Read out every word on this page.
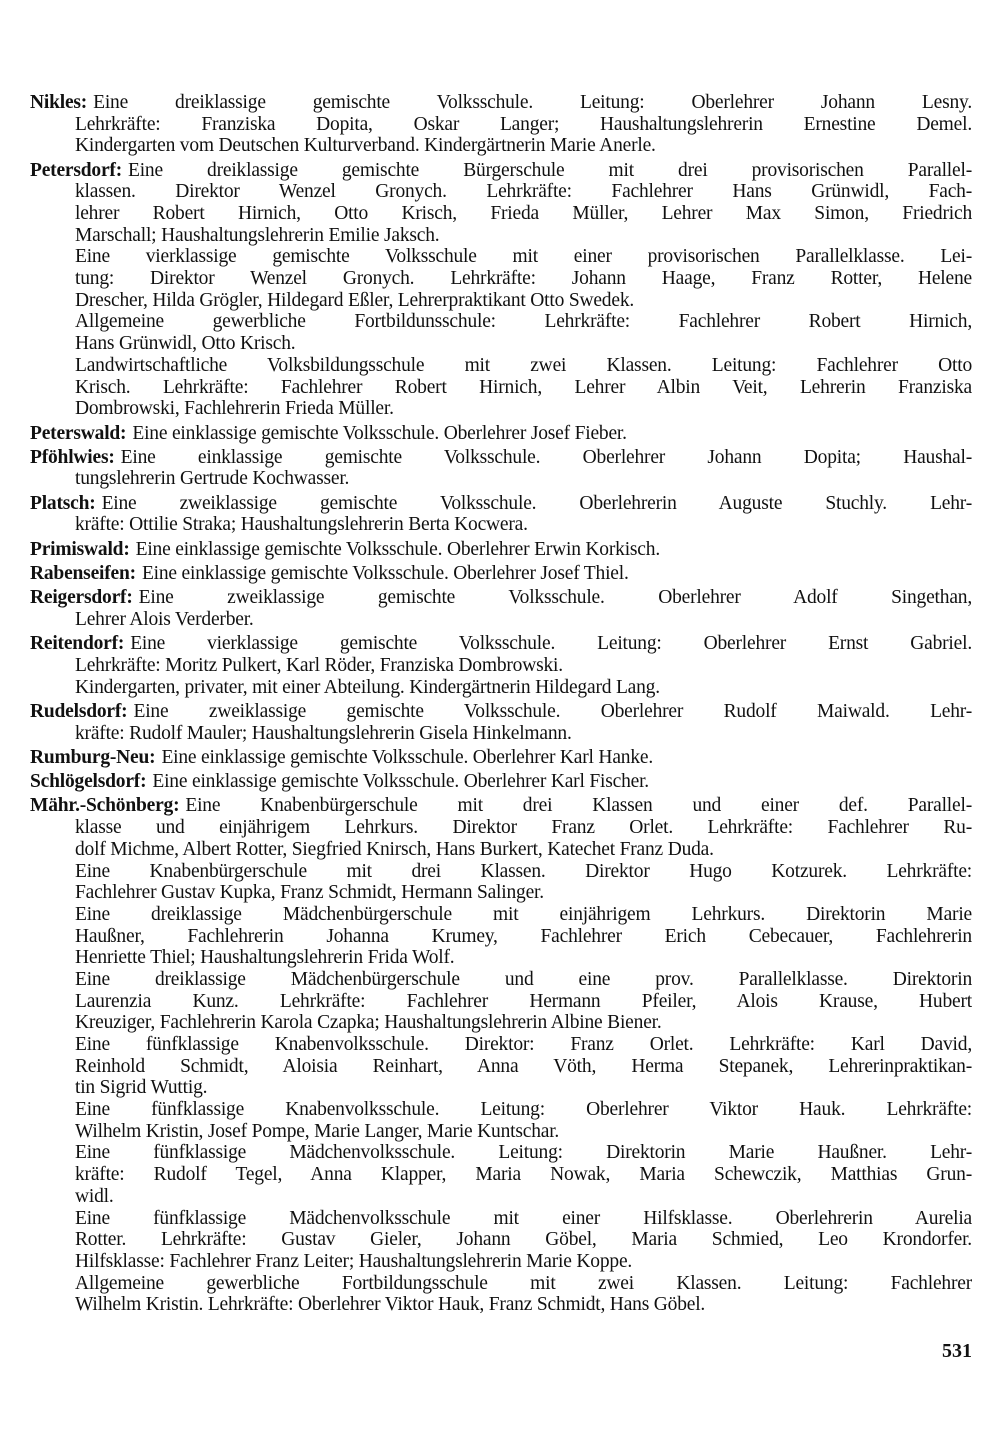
Nikles: Eine dreiklassige gemischte Volksschule. Leitung: Oberlehrer Johann Lesny.
Lehrkräfte: Franziska Dopita, Oskar Langer; Haushaltungslehrerin Ernestine Demel.
Kindergarten vom Deutschen Kulturverband. Kindergärtnerin Marie Anerle.
Petersdorf: Eine dreiklassige gemischte Bürgerschule mit drei provisorischen Parallel-
klassen. Direktor Wenzel Gronych. Lehrkräfte: Fachlehrer Hans Grünwidl, Fach-
lehrer Robert Hirnich, Otto Krisch, Frieda Müller, Lehrer Max Simon, Friedrich
Marschall; Haushaltungslehrerin Emilie Jaksch.
Eine vierklassige gemischte Volksschule mit einer provisorischen Parallelklasse. Lei-
tung: Direktor Wenzel Gronych. Lehrkräfte: Johann Haage, Franz Rotter, Helene
Drescher, Hilda Grögler, Hildegard Eßler, Lehrerpraktikant Otto Swedek.
Allgemeine gewerbliche Fortbildunsschule: Lehrkräfte: Fachlehrer Robert Hirnich,
Hans Grünwidl, Otto Krisch.
Landwirtschaftliche Volksbildungsschule mit zwei Klassen. Leitung: Fachlehrer Otto
Krisch. Lehrkräfte: Fachlehrer Robert Hirnich, Lehrer Albin Veit, Lehrerin Franziska
Dombrowski, Fachlehrerin Frieda Müller.
Peterswald: Eine einklassige gemischte Volksschule. Oberlehrer Josef Fieber.
Pföhlwies: Eine einklassige gemischte Volksschule. Oberlehrer Johann Dopita; Haushal-
tungslehrerin Gertrude Kochwasser.
Platsch: Eine zweiklassige gemischte Volksschule. Oberlehrerin Auguste Stuchly. Lehr-
kräfte: Ottilie Straka; Haushaltungslehrerin Berta Kocwera.
Primiswald: Eine einklassige gemischte Volksschule. Oberlehrer Erwin Korkisch.
Rabenseifen: Eine einklassige gemischte Volksschule. Oberlehrer Josef Thiel.
Reigersdorf: Eine zweiklassige gemischte Volksschule. Oberlehrer Adolf Singethan,
Lehrer Alois Verderber.
Reitendorf: Eine vierklassige gemischte Volksschule. Leitung: Oberlehrer Ernst Gabriel.
Lehrkräfte: Moritz Pulkert, Karl Röder, Franziska Dombrowski.
Kindergarten, privater, mit einer Abteilung. Kindergärtnerin Hildegard Lang.
Rudelsdorf: Eine zweiklassige gemischte Volksschule. Oberlehrer Rudolf Maiwald. Lehr-
kräfte: Rudolf Mauler; Haushaltungslehrerin Gisela Hinkelmann.
Rumburg-Neu: Eine einklassige gemischte Volksschule. Oberlehrer Karl Hanke.
Schlögelsdorf: Eine einklassige gemischte Volksschule. Oberlehrer Karl Fischer.
Mähr.-Schönberg: Eine Knabenbürgerschule mit drei Klassen und einer def. Parallel-
klasse und einjährigem Lehrkurs. Direktor Franz Orlet. Lehrkräfte: Fachlehrer Ru-
dolf Michme, Albert Rotter, Siegfried Knirsch, Hans Burkert, Katechet Franz Duda.
Eine Knabenbürgerschule mit drei Klassen. Direktor Hugo Kotzurek. Lehrkräfte:
Fachlehrer Gustav Kupka, Franz Schmidt, Hermann Salinger.
Eine dreiklassige Mädchenbürgerschule mit einjährigem Lehrkurs. Direktorin Marie
Haußner, Fachlehrerin Johanna Krumey, Fachlehrer Erich Cebecauer, Fachlehrerin
Henriette Thiel; Haushaltungslehrerin Frida Wolf.
Eine dreiklassige Mädchenbürgerschule und eine prov. Parallelklasse. Direktorin
Laurenzia Kunz. Lehrkräfte: Fachlehrer Hermann Pfeiler, Alois Krause, Hubert
Kreuziger, Fachlehrerin Karola Czapka; Haushaltungslehrerin Albine Biener.
Eine fünfklassige Knabenvolksschule. Direktor: Franz Orlet. Lehrkräfte: Karl David,
Reinhold Schmidt, Aloisia Reinhart, Anna Vöth, Herma Stepanek, Lehrerinpraktikan-
tin Sigrid Wuttig.
Eine fünfklassige Knabenvolksschule. Leitung: Oberlehrer Viktor Hauk. Lehrkräfte:
Wilhelm Kristin, Josef Pompe, Marie Langer, Marie Kuntschar.
Eine fünfklassige Mädchenvolksschule. Leitung: Direktorin Marie Haußner. Lehr-
kräfte: Rudolf Tegel, Anna Klapper, Maria Nowak, Maria Schewczik, Matthias Grun-
widl.
Eine fünfklassige Mädchenvolksschule mit einer Hilfsklasse. Oberlehrerin Aurelia
Rotter. Lehrkräfte: Gustav Gieler, Johann Göbel, Maria Schmied, Leo Krondorfer.
Hilfsklasse: Fachlehrer Franz Leiter; Haushaltungslehrerin Marie Koppe.
Allgemeine gewerbliche Fortbildungsschule mit zwei Klassen. Leitung: Fachlehrer
Wilhelm Kristin. Lehrkräfte: Oberlehrer Viktor Hauk, Franz Schmidt, Hans Göbel.
531
